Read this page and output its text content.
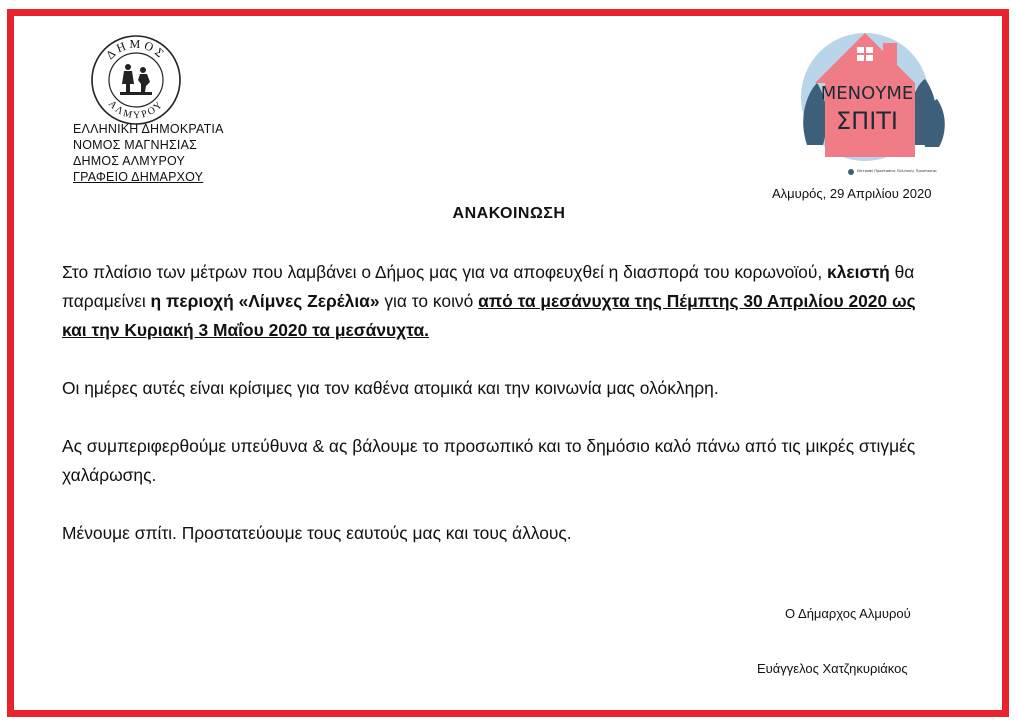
ΔΗΜΟΣ
ΑΛΜΥΡΟΥ
ΕΛΛΗΝΙΚΗ ΔΗΜΟΚΡΑΤΙΑ
ΝΟΜΟΣ ΜΑΓΝΗΣΙΑΣ
ΔΗΜΟΣ ΑΛΜΥΡΟΥ
ΓΡΑΦΕΙΟ ΔΗΜΑΡΧΟΥ
ΜΕΝΟΥΜΕ
ΣΠΙΤΙ
Επιτροπή Προστασίας Πολιτικής Προστασίας
Αλμυρός, 29 Απριλίου 2020
ΑΝΑΚΟΙΝΩΣΗ

Στο πλαίσιο των μέτρων που λαμβάνει ο Δήμος μας για να αποφευχθεί η διασπορά του κορωνοϊού, κλειστή θα παραμείνει η περιοχή «Λίμνες Ζερέλια» για το κοινό από τα μεσάνυχτα της Πέμπτης 30 Απριλίου 2020 ως και την Κυριακή 3 Μαΐου 2020 τα μεσάνυχτα.

Οι ημέρες αυτές είναι κρίσιμες για τον καθένα ατομικά και την κοινωνία μας ολόκληρη.

Ας συμπεριφερθούμε υπεύθυνα & ας βάλουμε το προσωπικό και το δημόσιο καλό πάνω από τις μικρές στιγμές χαλάρωσης.

Μένουμε σπίτι. Προστατεύουμε τους εαυτούς μας και τους άλλους.

Ο Δήμαρχος Αλμυρού
Ευάγγελος Χατζηκυριάκος
